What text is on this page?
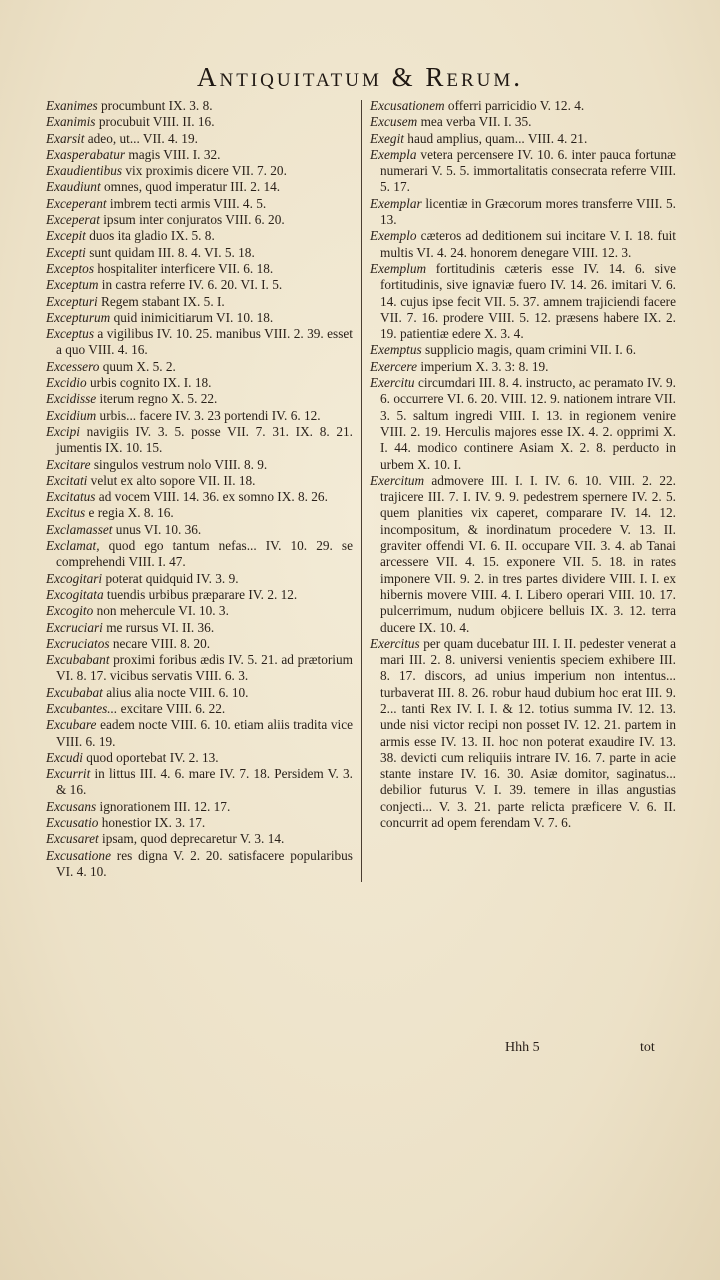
Antiquitatum & Rerum.

Exanimes procumbunt IX. 3. 8.

Exanimis procubuit VIII. II. 16.

Exarsit adeo, ut... VII. 4. 19.

Exasperabatur magis VIII. I. 32.

Exaudientibus vix proximis dicere VII. 7. 20.

Exaudiunt omnes, quod imperatur III. 2. 14.

Exceperant imbrem tecti armis VIII. 4. 5.

Exceperat ipsum inter conjuratos VIII. 6. 20.

Excepit duos ita gladio IX. 5. 8.

Excepti sunt quidam III. 8. 4. VI. 5. 18.

Exceptos hospitaliter interficere VII. 6. 18.

Exceptum in castra referre IV. 6. 20. VI. I. 5.

Excepturi Regem stabant IX. 5. I.

Excepturum quid inimicitiarum VI. 10. 18.

Exceptus a vigilibus IV. 10. 25. manibus VIII. 2. 39. esset a quo VIII. 4. 16.

Excessero quum X. 5. 2.

Excidio urbis cognito IX. I. 18.

Excidisse iterum regno X. 5. 22.

Excidium urbis... facere IV. 3. 23 portendi IV. 6. 12.

Excipi navigiis IV. 3. 5. posse VII. 7. 31. IX. 8. 21. jumentis IX. 10. 15.

Excitare singulos vestrum nolo VIII. 8. 9.

Excitati velut ex alto sopore VII. II. 18.

Excitatus ad vocem VIII. 14. 36. ex somno IX. 8. 26.

Excitus e regia X. 8. 16.

Exclamasset unus VI. 10. 36.

Exclamat, quod ego tantum nefas... IV. 10. 29. se comprehendi VIII. I. 47.

Excogitari poterat quidquid IV. 3. 9.

Excogitata tuendis urbibus præparare IV. 2. 12.

Excogito non mehercule VI. 10. 3.

Excruciari me rursus VI. II. 36.

Excruciatos necare VIII. 8. 20.

Excubabant proximi foribus ædis IV. 5. 21. ad prætorium VI. 8. 17. vicibus servatis VIII. 6. 3.

Excubabat alius alia nocte VIII. 6. 10.

Excubantes... excitare VIII. 6. 22.

Excubare eadem nocte VIII. 6. 10. etiam aliis tradita vice VIII. 6. 19.

Excudi quod oportebat IV. 2. 13.

Excurrit in littus III. 4. 6. mare IV. 7. 18. Persidem V. 3. & 16.

Excusans ignorationem III. 12. 17.

Excusatio honestior IX. 3. 17.

Excusaret ipsam, quod deprecaretur V. 3. 14.

Excusatione res digna V. 2. 20. satisfacere popularibus VI. 4. 10.

Excusationem offerri parricidio V. 12. 4.

Excusem mea verba VII. I. 35.

Exegit haud amplius, quam... VIII. 4. 21.

Exempla vetera percensere IV. 10. 6. inter pauca fortunæ numerari V. 5. 5. immortalitatis consecrata referre VIII. 5. 17.

Exemplar licentiæ in Græcorum mores transferre VIII. 5. 13.

Exemplo cæteros ad deditionem sui incitare V. I. 18. fuit multis VI. 4. 24. honorem denegare VIII. 12. 3.

Exemplum fortitudinis cæteris esse IV. 14. 6. sive fortitudinis, sive ignaviæ fuero IV. 14. 26. imitari V. 6. 14. cujus ipse fecit VII. 5. 37. amnem trajiciendi facere VII. 7. 16. prodere VIII. 5. 12. præsens habere IX. 2. 19. patientiæ edere X. 3. 4.

Exemptus supplicio magis, quam crimini VII. I. 6.

Exercere imperium X. 3. 3: 8. 19.

Exercitu circumdari III. 8. 4. instructo, ac peramato IV. 9. 6. occurrere VI. 6. 20. VIII. 12. 9. nationem intrare VII. 3. 5. saltum ingredi VIII. I. 13. in regionem venire VIII. 2. 19. Herculis majores esse IX. 4. 2. opprimi X. I. 44. modico continere Asiam X. 2. 8. perducto in urbem X. 10. I.

Exercitum admovere III. I. I. IV. 6. 10. VIII. 2. 22. trajicere III. 7. I. IV. 9. 9. pedestrem spernere IV. 2. 5. quem planities vix caperet, comparare IV. 14. 12. incompositum, & inordinatum procedere V. 13. II. graviter offendi VI. 6. II. occupare VII. 3. 4. ab Tanai arcessere VII. 4. 15. exponere VII. 5. 18. in rates imponere VII. 9. 2. in tres partes dividere VIII. I. I. ex hibernis movere VIII. 4. I. Libero operari VIII. 10. 17. pulcerrimum, nudum objicere belluis IX. 3. 12. terra ducere IX. 10. 4.

Exercitus per quam ducebatur III. I. II. pedester venerat a mari III. 2. 8. universi venientis speciem exhibere III. 8. 17. discors, ad unius imperium non intentus... turbaverat III. 8. 26. robur haud dubium hoc erat III. 9. 2... tanti Rex IV. I. I. & 12. totius summa IV. 12. 13. unde nisi victor recipi non posset IV. 12. 21. partem in armis esse IV. 13. II. hoc non poterat exaudire IV. 13. 38. devicti cum reliquiis intrare IV. 16. 7. parte in acie stante instare IV. 16. 30. Asiæ domitor, saginatus... debilior futurus V. I. 39. temere in illas angustias conjecti... V. 3. 21. parte relicta præficere V. 6. II. concurrit ad opem ferendam V. 7. 6.

Hhh 5	tot
